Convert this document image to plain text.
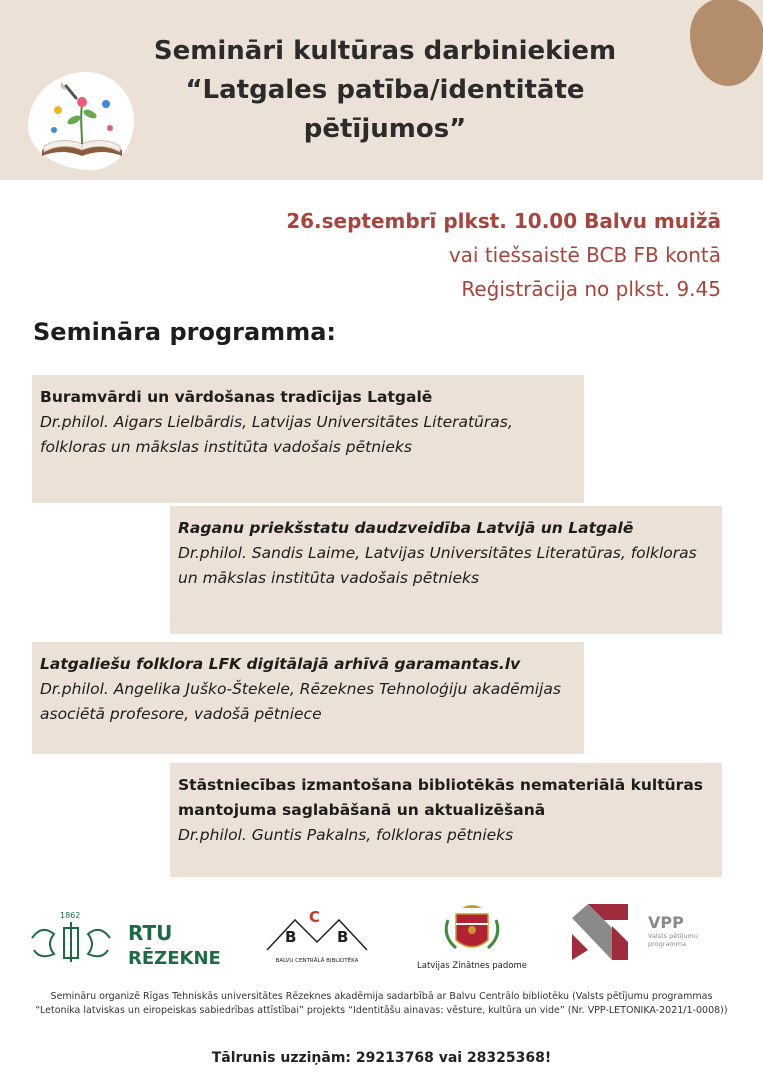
Semināri kultūras darbiniekiem
“Latgales patība/identitāte
pētījumos”
26.septembrī plkst. 10.00 Balvu muižā
vai tiešsaistē BCB FB kontā
Reģistrācija no plkst. 9.45
Semināra programma:
Buramvārdi un vārdošanas tradīcijas Latgalē
Dr.philol. Aigars Lielbārdis, Latvijas Universitātes Literatūras, folkloras un mākslas institūta vadošais pētnieks
Raganu priekšstatu daudzveidība Latvijā un Latgalē
Dr.philol. Sandis Laime, Latvijas Universitātes Literatūras, folkloras un mākslas institūta vadošais pētnieks
Latgaliešu folklora LFK digitālajā arhīvā garamantas.lv
Dr.philol. Angelika Juško-Štekele, Rēzeknes Tehnoloģiju akadēmijas asociētā profesore, vadošā pētniece
Stāstniecības izmantošana bibliotēkās nemateriālā kultūras mantojuma saglabāšanā un aktualizēšanā
Dr.philol. Guntis Pakalns, folkloras pētnieks
1862
RTU
RĒZEKNE
B
C
B
BALVU CENTRĀLĀ BIBLIOTĒKA	Latvijas Zinātnes padome
VPP
Valsts pētījumu
programma
Semināru organizē Rīgas Tehniskās universitātes Rēzeknes akadēmija sadarbībā ar Balvu Centrālo bibliotēku (Valsts pētījumu programmas “Letonika latviskas un eiropeiskas sabiedrības attīstībai” projekts “Identitāšu ainavas: vēsture, kultūra un vide” (Nr. VPP-LETONIKA-2021/1-0008))
Tālrunis uzziņām: 29213768 vai 28325368!
